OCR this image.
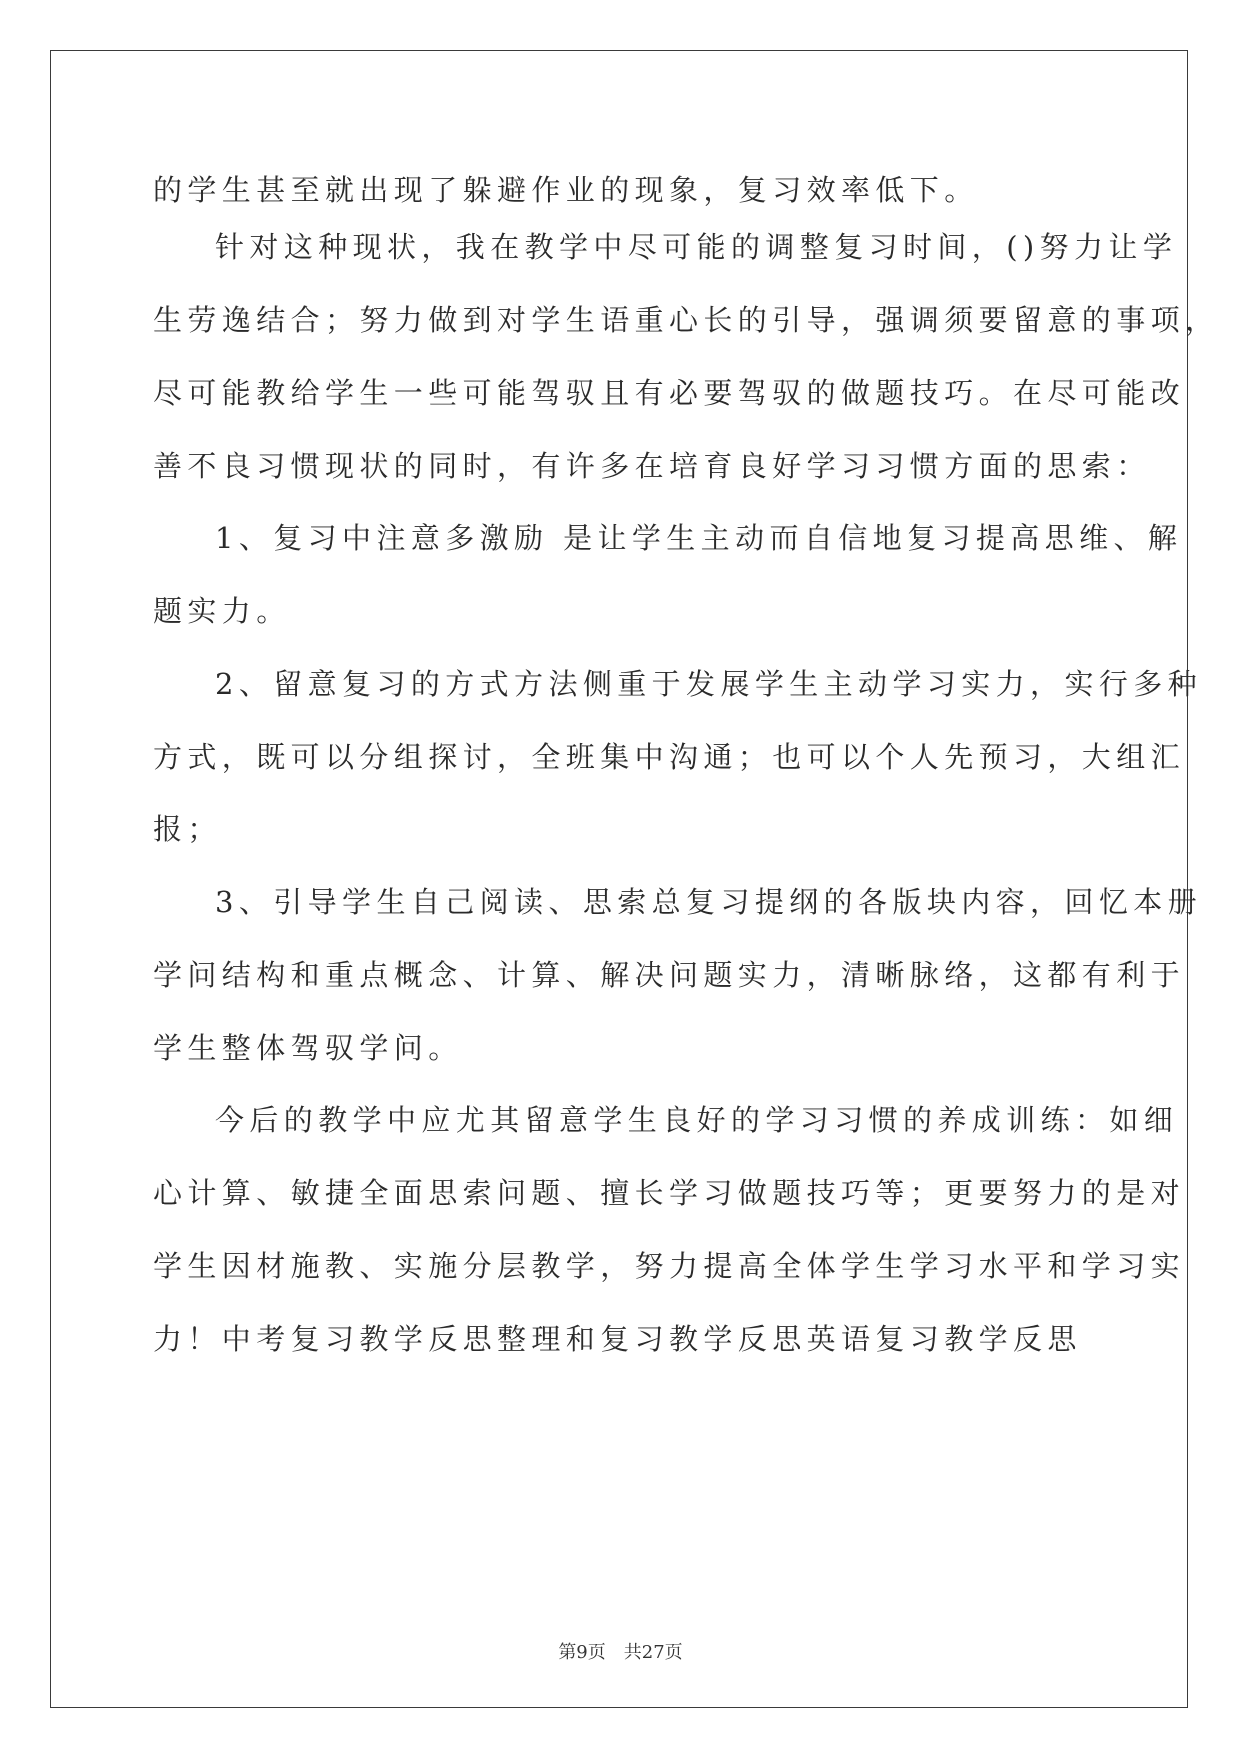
的学生甚至就出现了躲避作业的现象，复习效率低下。
针对这种现状，我在教学中尽可能的调整复习时间，()努力让学
生劳逸结合；努力做到对学生语重心长的引导，强调须要留意的事项，
尽可能教给学生一些可能驾驭且有必要驾驭的做题技巧。在尽可能改
善不良习惯现状的同时，有许多在培育良好学习习惯方面的思索：
1、复习中注意多激励 是让学生主动而自信地复习提高思维、解
题实力。
2、留意复习的方式方法侧重于发展学生主动学习实力，实行多种
方式，既可以分组探讨，全班集中沟通；也可以个人先预习，大组汇
报；
3、引导学生自己阅读、思索总复习提纲的各版块内容，回忆本册
学问结构和重点概念、计算、解决问题实力，清晰脉络，这都有利于
学生整体驾驭学问。
今后的教学中应尤其留意学生良好的学习习惯的养成训练：如细
心计算、敏捷全面思索问题、擅长学习做题技巧等；更要努力的是对
学生因材施教、实施分层教学，努力提高全体学生学习水平和学习实
力！中考复习教学反思整理和复习教学反思英语复习教学反思
第9页　共27页
